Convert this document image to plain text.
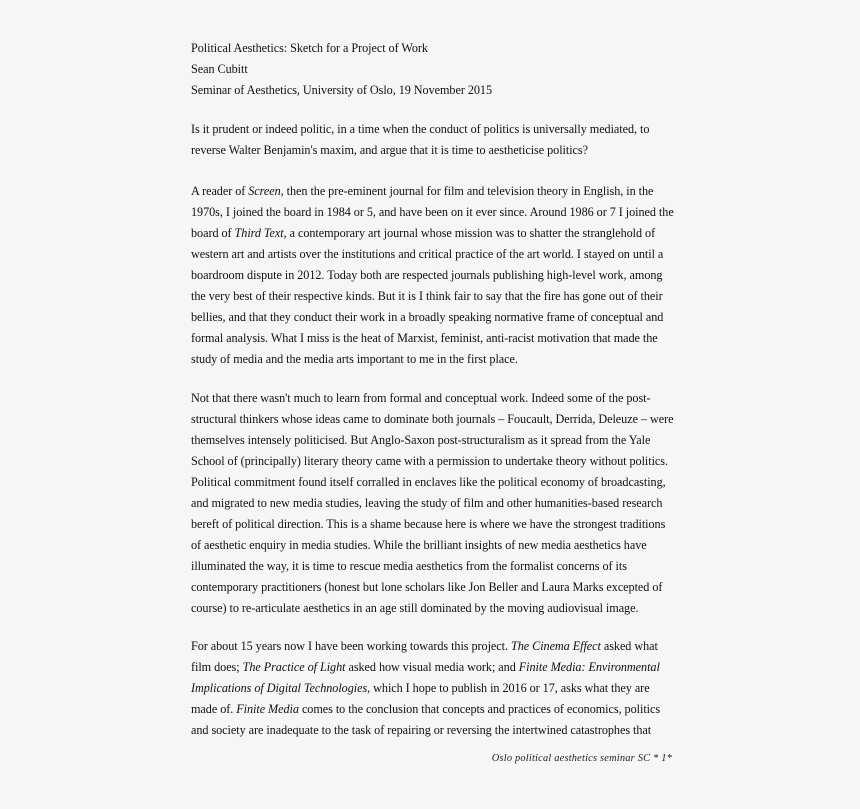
Political Aesthetics: Sketch for a Project of Work
Sean Cubitt
Seminar of Aesthetics, University of Oslo, 19 November 2015
Is it prudent or indeed politic, in a time when the conduct of politics is universally mediated, to
reverse Walter Benjamin's maxim, and argue that it is time to aestheticise politics?
A reader of Screen, then the pre-eminent journal for film and television theory in English, in the
1970s, I joined the board in 1984 or 5, and have been on it ever since. Around 1986 or 7 I joined the
board of Third Text, a contemporary art journal whose mission was to shatter the stranglehold of
western art and artists over the institutions and critical practice of the art world. I stayed on until a
boardroom dispute in 2012. Today both are respected journals publishing high-level work, among
the very best of their respective kinds. But it is I think fair to say that the fire has gone out of their
bellies, and that they conduct their work in a broadly speaking normative frame of conceptual and
formal analysis. What I miss is the heat of Marxist, feminist, anti-racist motivation that made the
study of media and the media arts important to me in the first place.
Not that there wasn't much to learn from formal and conceptual work. Indeed some of the post-
structural thinkers whose ideas came to dominate both journals – Foucault, Derrida, Deleuze – were
themselves intensely politicised. But Anglo-Saxon post-structuralism as it spread from the Yale
School of (principally) literary theory came with a permission to undertake theory without politics.
Political commitment found itself corralled in enclaves like the political economy of broadcasting,
and migrated to new media studies, leaving the study of film and other humanities-based research
bereft of political direction. This is a shame because here is where we have the strongest traditions
of aesthetic enquiry in media studies. While the brilliant insights of new media aesthetics have
illuminated the way, it is time to rescue media aesthetics from the formalist concerns of its
contemporary practitioners (honest but lone scholars like Jon Beller and Laura Marks excepted of
course) to re-articulate aesthetics in an age still dominated by the moving audiovisual image.
For about 15 years now I have been working towards this project. The Cinema Effect asked what
film does; The Practice of Light asked how visual media work; and Finite Media: Environmental
Implications of Digital Technologies, which I hope to publish in 2016 or 17, asks what they are
made of. Finite Media comes to the conclusion that concepts and practices of economics, politics
and society are inadequate to the task of repairing or reversing the intertwined catastrophes that
Oslo political aesthetics seminar SC * 1*
